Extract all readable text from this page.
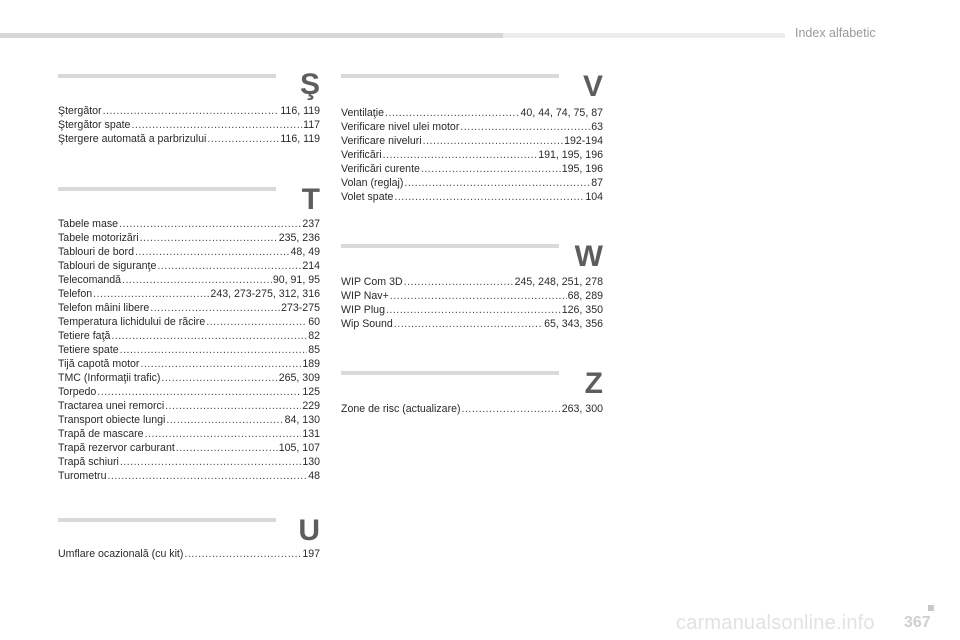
Index alfabetic
Ş
Ştergător .....	116, 119
Ştergător spate .....	117
Ştergere automată a parbrizului .....	116, 119
T
Tabele mase .....	237
Tabele motorizări .....	235, 236
Tablouri de bord .....	48, 49
Tablouri de siguranţe .....	214
Telecomandă .....	90, 91, 95
Telefon .....	243, 273-275, 312, 316
Telefon mâini libere .....	273-275
Temperatura lichidului de răcire .....	60
Tetiere faţă .....	82
Tetiere spate .....	85
Tijă capotă motor .....	189
TMC (Informaţii trafic) .....	265, 309
Torpedo .....	125
Tractarea unei remorci .....	229
Transport obiecte lungi .....	84, 130
Trapă de mascare .....	131
Trapă rezervor carburant .....	105, 107
Trapă schiuri .....	130
Turometru .....	48
U
Umflare ocazională (cu kit) .....	197
V
Ventilaţie .....	40, 44, 74, 75, 87
Verificare nivel ulei motor .....	63
Verificare niveluri .....	192-194
Verificări .....	191, 195, 196
Verificări curente .....	195, 196
Volan (reglaj) .....	87
Volet spate .....	104
W
WIP Com 3D .....	245, 248, 251, 278
WIP Nav+ .....	68, 289
WIP Plug .....	126, 350
Wip Sound .....	65, 343, 356
Z
Zone de risc (actualizare) .....	263, 300
367
carmanualsonline.info
